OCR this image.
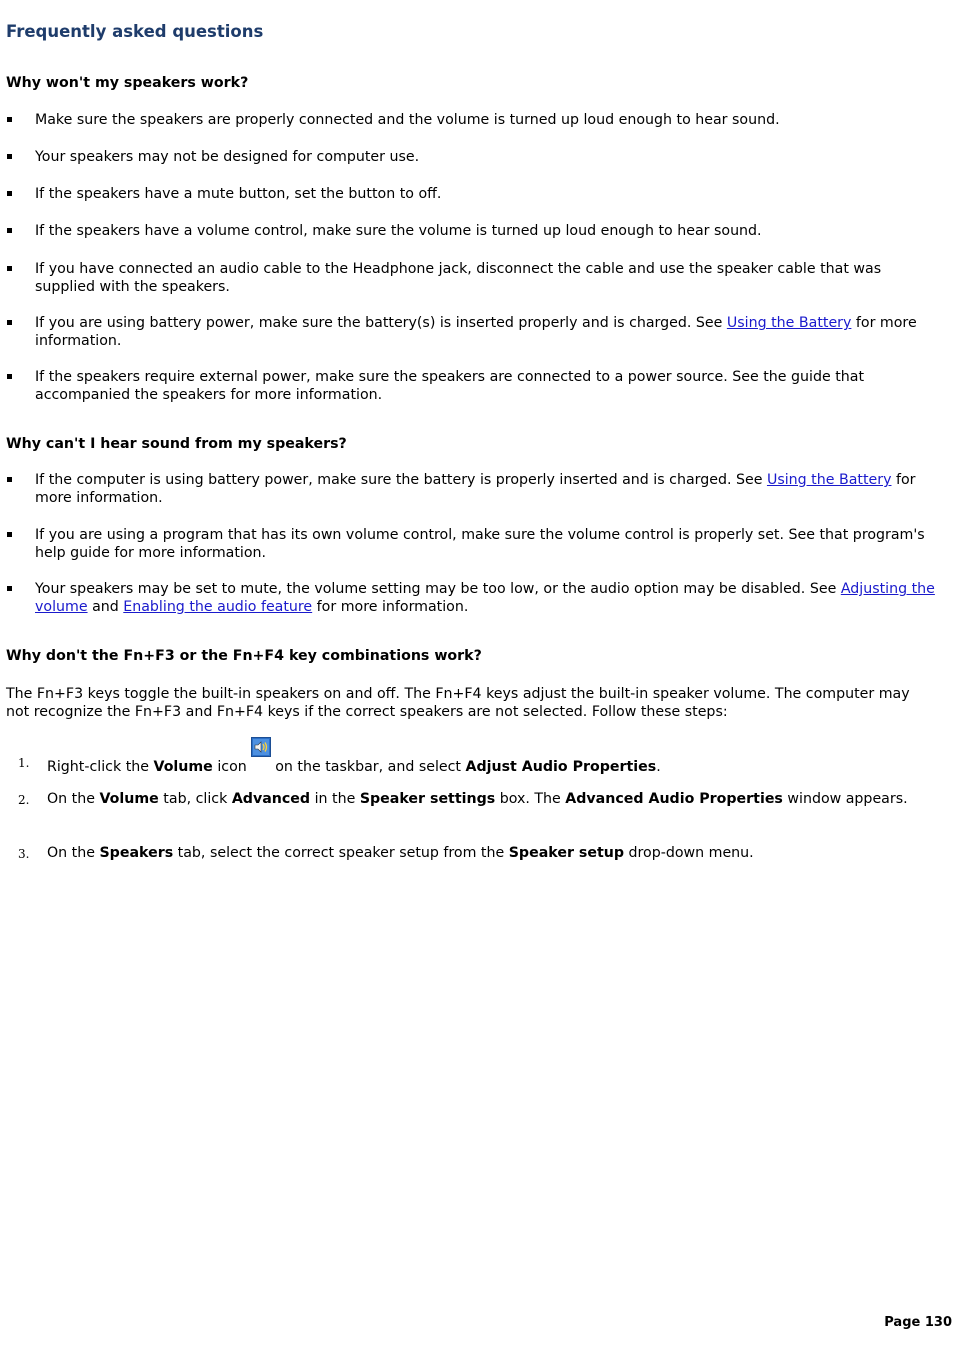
Frequently asked questions
Why won't my speakers work?
Make sure the speakers are properly connected and the volume is turned up loud enough to hear sound.
Your speakers may not be designed for computer use.
If the speakers have a mute button, set the button to off.
If the speakers have a volume control, make sure the volume is turned up loud enough to hear sound.
If you have connected an audio cable to the Headphone jack, disconnect the cable and use the speaker cable that was supplied with the speakers.
If you are using battery power, make sure the battery(s) is inserted properly and is charged. See Using the Battery for more information.
If the speakers require external power, make sure the speakers are connected to a power source. See the guide that accompanied the speakers for more information.
Why can't I hear sound from my speakers?
If the computer is using battery power, make sure the battery is properly inserted and is charged. See Using the Battery for more information.
If you are using a program that has its own volume control, make sure the volume control is properly set. See that program's help guide for more information.
Your speakers may be set to mute, the volume setting may be too low, or the audio option may be disabled. See Adjusting the volume and Enabling the audio feature for more information.
Why don't the Fn+F3 or the Fn+F4 key combinations work?

The Fn+F3 keys toggle the built-in speakers on and off. The Fn+F4 keys adjust the built-in speaker volume. The computer may not recognize the Fn+F3 and Fn+F4 keys if the correct speakers are not selected. Follow these steps:

1. Right-click the Volume icon
on the taskbar, and select Adjust Audio Properties.
2. On the Volume tab, click Advanced in the Speaker settings box. The Advanced Audio Properties window appears.
3. On the Speakers tab, select the correct speaker setup from the Speaker setup drop-down menu.
Page 130
